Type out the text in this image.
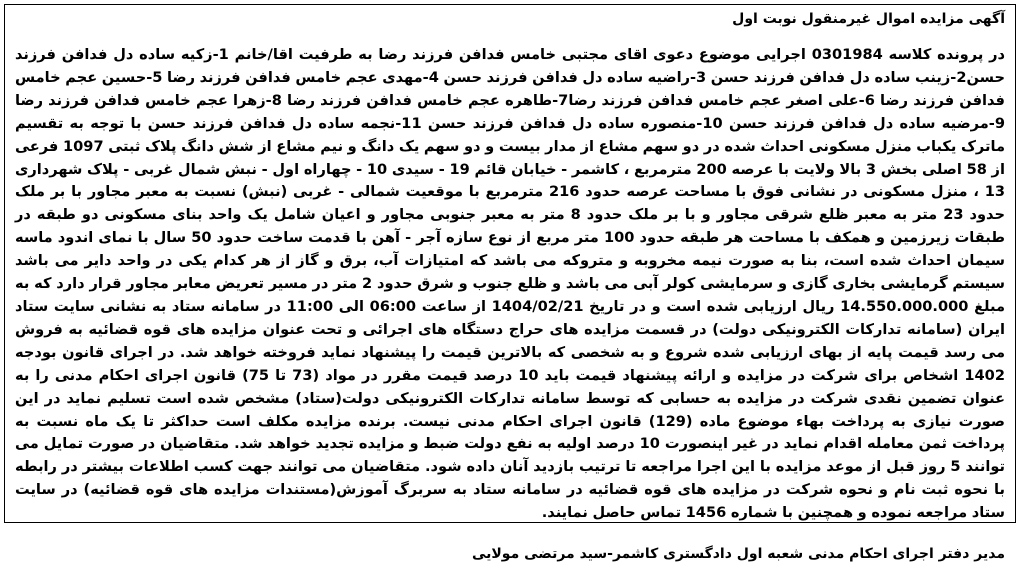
آگهی مزایده اموال غیرمنقول نوبت اول
در پرونده کلاسه 0301984 اجرایی موضوع دعوی اقای مجتبی خامس فدافن فرزند رضا به طرفیت اقا/خانم 1-زکیه ساده دل فدافن فرزند حسن2-زینب ساده دل فدافن فرزند حسن 3-راضیه ساده دل فدافن فرزند حسن 4-مهدی عجم خامس فدافن فرزند رضا 5-حسین عجم خامس فدافن فرزند رضا 6-علی اصغر عجم خامس فدافن فرزند رضا7-طاهره عجم خامس فدافن فرزند رضا 8-زهرا عجم خامس فدافن فرزند رضا 9-مرضیه ساده دل فدافن فرزند حسن 10-منصوره ساده دل فدافن فرزند حسن 11-نجمه ساده دل فدافن فرزند حسن با توجه به تقسیم ماترک یکباب منزل مسکونی احداث شده در دو سهم مشاع از مدار بیست و دو سهم یک دانگ و نیم مشاع از شش دانگ پلاک ثبتی 1097 فرعی از 58 اصلی بخش 3 بالا ولایت با عرصه 200 مترمربع ، کاشمر - خیابان قائم 19 - سیدی 10 - چهاراه اول - نبش شمال غربی - پلاک شهرداری 13 ، منزل مسکونی در نشانی فوق با مساحت عرصه حدود 216 مترمربع با موقعیت شمالی - غربی (نبش) نسبت به معبر مجاور با بر ملک حدود 23 متر به معبر ظلع شرقی مجاور و با بر ملک حدود 8 متر به معبر جنوبی مجاور و اعیان شامل یک واحد بنای مسکونی دو طبقه در طبقات زیرزمین و همکف با مساحت هر طبقه حدود 100 متر مربع از نوع سازه آجر - آهن با قدمت ساخت حدود 50 سال با نمای اندود ماسه سیمان احداث شده است، بنا به صورت نیمه مخروبه و متروکه می باشد که امتیازات آب، برق و گاز از هر کدام یکی در واحد دایر می باشد سیستم گرمایشی بخاری گازی و سرمایشی کولر آبی می باشد و ظلع جنوب و شرق حدود 2 متر در مسیر تعریض معابر مجاور قرار دارد که به مبلغ 14.550.000.000 ریال ارزیابی شده است و در تاریخ 1404/02/21 از ساعت 06:00 الی 11:00 در سامانه ستاد به نشانی سایت ستاد ایران (سامانه تدارکات الکترونیکی دولت) در قسمت مزایده های حراج دستگاه های اجرائی و تحت عنوان مزایده های قوه قضائیه به فروش می رسد قیمت پایه از بهای ارزیابی شده شروع و به شخصی که بالاترین قیمت را پیشنهاد نماید فروخته خواهد شد. در اجرای قانون بودجه 1402 اشخاص برای شرکت در مزایده و ارائه پیشنهاد قیمت باید 10 درصد قیمت مقرر در مواد (73 تا 75) قانون اجرای احکام مدنی را به عنوان تضمین نقدی شرکت در مزایده به حسابی که توسط سامانه تدارکات الکترونیکی دولت(ستاد) مشخص شده است تسلیم نماید در این صورت نیازی به پرداخت بهاء موضوع ماده (129) قانون اجرای احکام مدنی نیست. برنده مزایده مکلف است حداکثر تا یک ماه نسبت به پرداخت ثمن معامله اقدام نماید در غیر اینصورت 10 درصد اولیه به نفع دولت ضبط و مزایده تجدید خواهد شد. متقاضیان در صورت تمایل می توانند 5 روز قبل از موعد مزایده با این اجرا مراجعه تا ترتیب بازدید آنان داده شود. متقاضیان می توانند جهت کسب اطلاعات بیشتر در رابطه با نحوه ثبت نام و نحوه شرکت در مزایده های قوه قضائیه در سامانه ستاد به سربرگ آموزش(مستندات مزایده های قوه قضائیه) در سایت ستاد مراجعه نموده و همچنین با شماره 1456 تماس حاصل نمایند.
مدیر دفتر اجرای احکام مدنی شعبه اول دادگستری کاشمر-سید مرتضی مولایی
